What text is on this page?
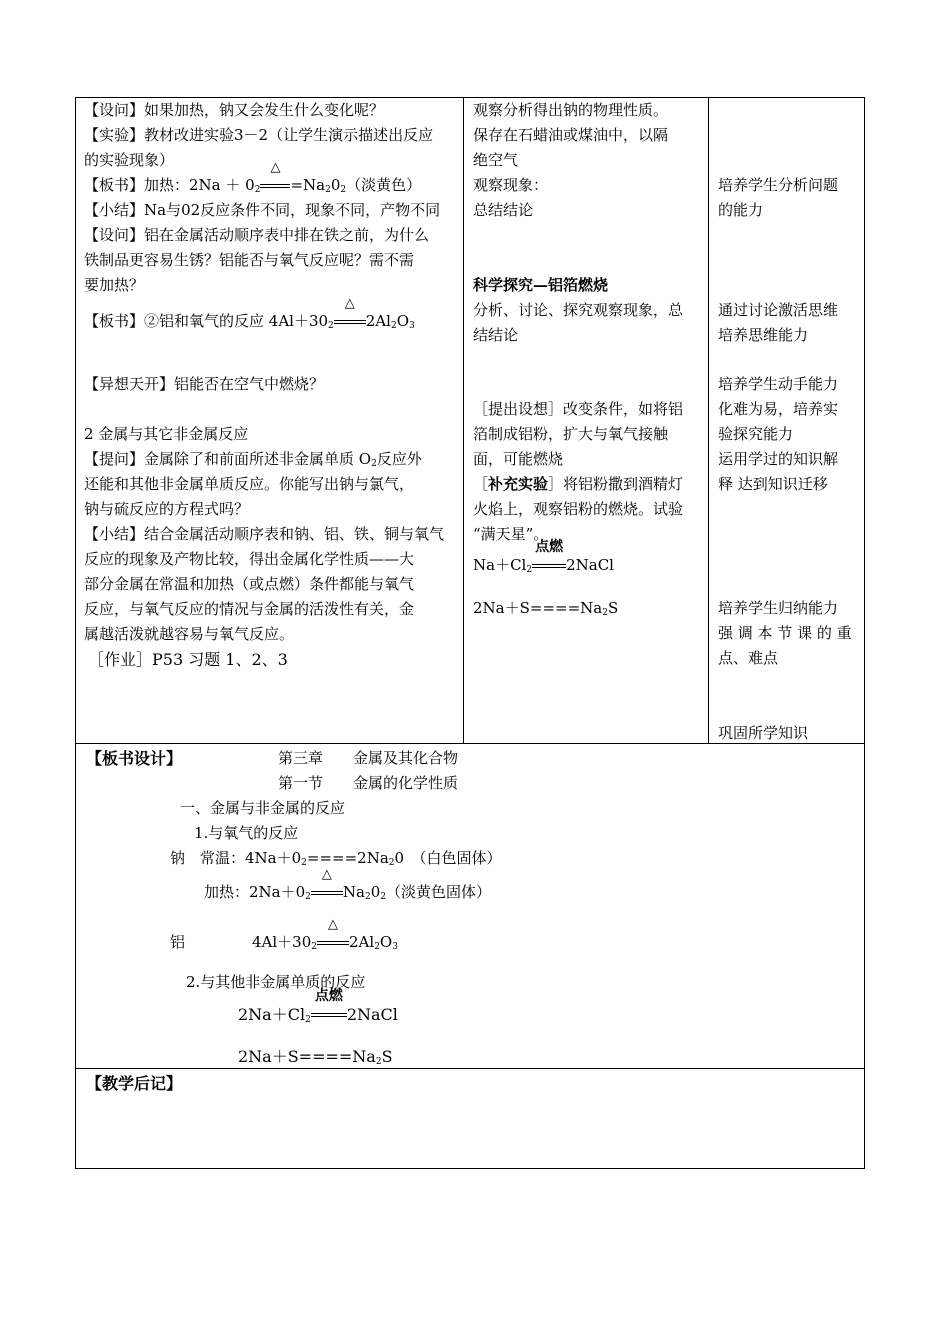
【设问】如果加热，钠又会发生什么变化呢？
【实验】教材改进实验3－2（让学生演示描述出反应
的实验现象）
【板书】加热：$2Na + 0_2$
△
$=Na_20_2$（淡黄色）
【小结】Na与02反应条件不同，现象不同，产物不同
【设问】铝在金属活动顺序表中排在铁之前，为什么
铁制品更容易生锈？铝能否与氧气反应呢？需不需
要加热？
【板书】②铝和氧气的反应 $4Al+30_2$
△
$2Al_2O_3$
【异想天开】铝能否在空气中燃烧？
2 金属与其它非金属反应
【提问】金属除了和前面所述非金属单质 $O_2$反应外
还能和其他非金属单质反应。你能写出钠与氯气，
钠与硫反应的方程式吗？
【小结】结合金属活动顺序表和钠、铝、铁、铜与氧气
反应的现象及产物比较，得出金属化学性质——大
部分金属在常温和加热（或点燃）条件都能与氧气
反应，与氧气反应的情况与金属的活泼性有关，金
属越活泼就越容易与氧气反应。
［作业］P53 习题 1、2、3
观察分析得出钠的物理性质。
保存在石蜡油或煤油中，以隔
绝空气
观察现象：
总结结论
科学探究—铝箔燃烧
分析、讨论、探究观察现象，总
结结论
［提出设想］改变条件，如将铝
箔制成铝粉，扩大与氧气接触
面，可能燃烧
［补充实验］将铝粉撒到酒精灯
火焰上，观察铝粉的燃烧。试验
“满天星”。
$Na+Cl_2$
点燃
2NaCl
$2Na+S====Na_2S$
培养学生分析问题
的能力
通过讨论激活思维
培养思维能力
培养学生动手能力
化难为易，培养实
验探究能力
运用学过的知识解
释 达到知识迁移
培养学生归纳能力
强 调 本 节 课 的 重
点、难点
巩固所学知识
【板书设计】	第三章　　金属及其化合物
第一节　　金属的化学性质
一、金属与非金属的反应
1.与氧气的反应
钠　常温：$4Na+0_2====2Na_20$　（白色固体）
加热：$2Na+0_2$
△
$Na_20_2$（淡黄色固体）
铝	$4Al+30_2$
△
$2Al_2O_3$
2.与其他非金属单质的反应
$2Na+Cl_2$
点燃
2NaCl
$2Na+S====Na_2S$
【教学后记】
